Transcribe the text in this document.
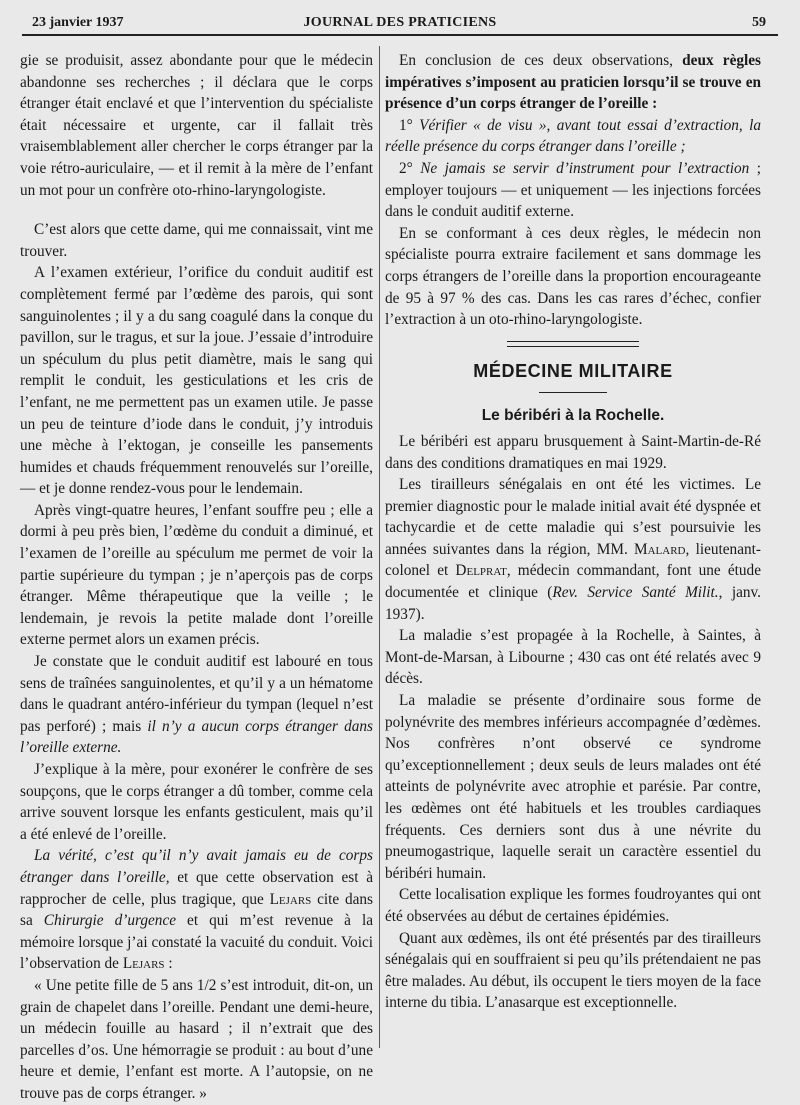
23 janvier 1937	JOURNAL DES PRATICIENS	59

gie se produisit, assez abondante pour que le médecin abandonne ses recherches ; il déclara que le corps étranger était enclavé et que l’intervention du spécialiste était nécessaire et urgente, car il fallait très vraisemblablement aller chercher le corps étranger par la voie rétro-auriculaire, — et il remit à la mère de l’enfant un mot pour un confrère oto-rhino-laryngologiste.

C’est alors que cette dame, qui me connaissait, vint me trouver.

A l’examen extérieur, l’orifice du conduit auditif est complètement fermé par l’œdème des parois, qui sont sanguinolentes ; il y a du sang coagulé dans la conque du pavillon, sur le tragus, et sur la joue. J’essaie d’introduire un spéculum du plus petit diamètre, mais le sang qui remplit le conduit, les gesticulations et les cris de l’enfant, ne me permettent pas un examen utile. Je passe un peu de teinture d’iode dans le conduit, j’y introduis une mèche à l’ektogan, je conseille les pansements humides et chauds fréquemment renouvelés sur l’oreille, — et je donne rendez-vous pour le lendemain.

Après vingt-quatre heures, l’enfant souffre peu ; elle a dormi à peu près bien, l’œdème du conduit a diminué, et l’examen de l’oreille au spéculum me permet de voir la partie supérieure du tympan ; je n’aperçois pas de corps étranger. Même thérapeutique que la veille ; le lendemain, je revois la petite malade dont l’oreille externe permet alors un examen précis.

Je constate que le conduit auditif est labouré en tous sens de traînées sanguinolentes, et qu’il y a un hématome dans le quadrant antéro-inférieur du tympan (lequel n’est pas perforé) ; mais il n’y a aucun corps étranger dans l’oreille externe.

J’explique à la mère, pour exonérer le confrère de ses soupçons, que le corps étranger a dû tomber, comme cela arrive souvent lorsque les enfants gesticulent, mais qu’il a été enlevé de l’oreille.

La vérité, c’est qu’il n’y avait jamais eu de corps étranger dans l’oreille, et que cette observation est à rapprocher de celle, plus tragique, que Lejars cite dans sa Chirurgie d’urgence et qui m’est revenue à la mémoire lorsque j’ai constaté la vacuité du conduit. Voici l’observation de Lejars :

« Une petite fille de 5 ans 1/2 s’est introduit, dit-on, un grain de chapelet dans l’oreille. Pendant une demi-heure, un médecin fouille au hasard ; il n’extrait que des parcelles d’os. Une hémorragie se produit : au bout d’une heure et demie, l’enfant est morte. A l’autopsie, on ne trouve pas de corps étranger. »

En conclusion de ces deux observations, deux règles impératives s’imposent au praticien lorsqu’il se trouve en présence d’un corps étranger de l’oreille :

1° Vérifier « de visu », avant tout essai d’extraction, la réelle présence du corps étranger dans l’oreille ;

2° Ne jamais se servir d’instrument pour l’extraction ; employer toujours — et uniquement — les injections forcées dans le conduit auditif externe.

En se conformant à ces deux règles, le médecin non spécialiste pourra extraire facilement et sans dommage les corps étrangers de l’oreille dans la proportion encourageante de 95 à 97 % des cas. Dans les cas rares d’échec, confier l’extraction à un oto-rhino-laryngologiste.

MÉDECINE MILITAIRE
Le béribéri à la Rochelle.

Le béribéri est apparu brusquement à Saint-Martin-de-Ré dans des conditions dramatiques en mai 1929.

Les tirailleurs sénégalais en ont été les victimes. Le premier diagnostic pour le malade initial avait été dyspnée et tachycardie et de cette maladie qui s’est poursuivie les années suivantes dans la région, MM. Malard, lieutenant-colonel et Delprat, médecin commandant, font une étude documentée et clinique (Rev. Service Santé Milit., janv. 1937).

La maladie s’est propagée à la Rochelle, à Saintes, à Mont-de-Marsan, à Libourne ; 430 cas ont été relatés avec 9 décès.

La maladie se présente d’ordinaire sous forme de polynévrite des membres inférieurs accompagnée d’œdèmes. Nos confrères n’ont observé ce syndrome qu’exceptionnellement ; deux seuls de leurs malades ont été atteints de polynévrite avec atrophie et parésie. Par contre, les œdèmes ont été habituels et les troubles cardiaques fréquents. Ces derniers sont dus à une névrite du pneumogastrique, laquelle serait un caractère essentiel du béribéri humain.

Cette localisation explique les formes foudroyantes qui ont été observées au début de certaines épidémies.

Quant aux œdèmes, ils ont été présentés par des tirailleurs sénégalais qui en souffraient si peu qu’ils prétendaient ne pas être malades. Au début, ils occupent le tiers moyen de la face interne du tibia. L’anasarque est exceptionnelle.
